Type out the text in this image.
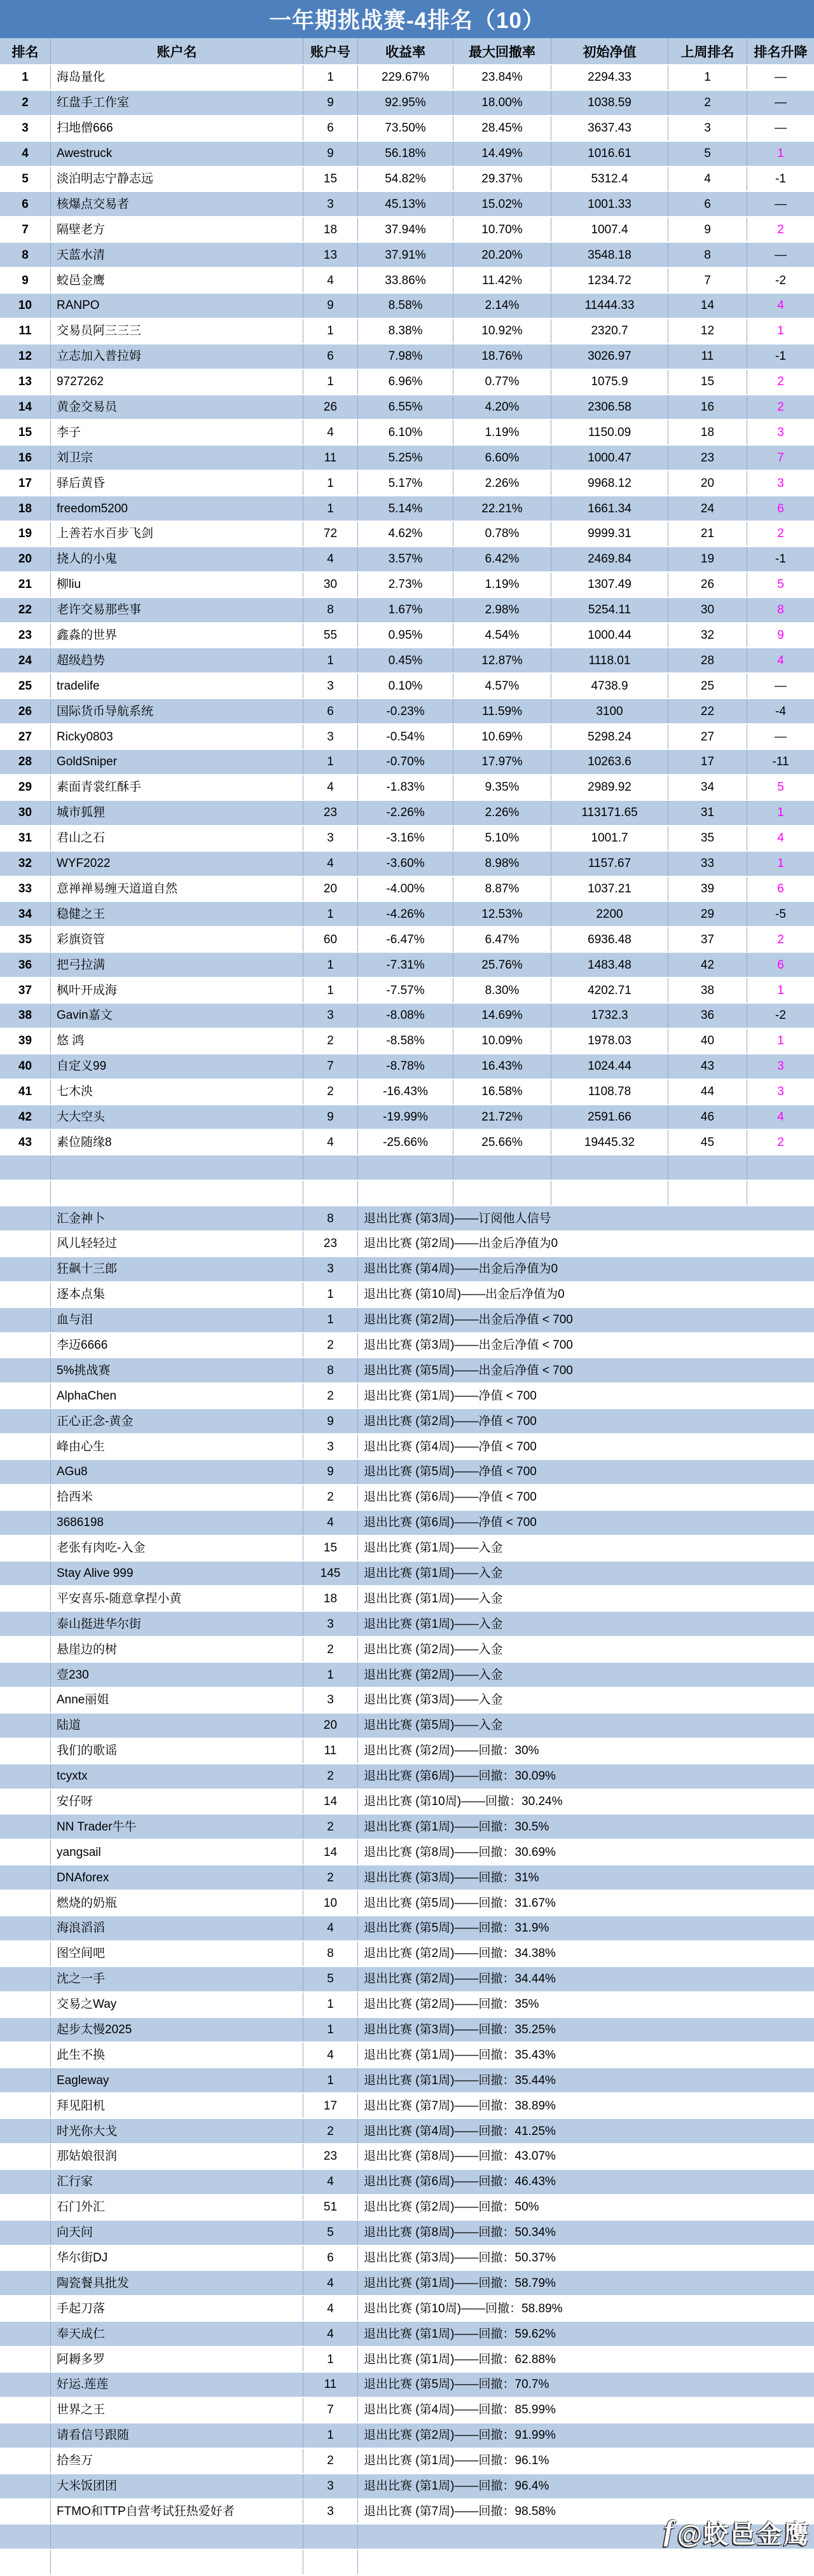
一年期挑战赛-4排名（10）
排名	账户名	账户号	收益率	最大回撤率	初始净值	上周排名	排名升降
1	海岛量化	1	229.67%	23.84%	2294.33	1	—
2	红盘手工作室	9	92.95%	18.00%	1038.59	2	—
3	扫地僧666	6	73.50%	28.45%	3637.43	3	—
4	Awestruck	9	56.18%	14.49%	1016.61	5	1
5	淡泊明志宁静志远	15	54.82%	29.37%	5312.4	4	-1
6	核爆点交易者	3	45.13%	15.02%	1001.33	6	—
7	隔壁老方	18	37.94%	10.70%	1007.4	9	2
8	天蓝水清	13	37.91%	20.20%	3548.18	8	—
9	蛟邑金鹰	4	33.86%	11.42%	1234.72	7	-2
10	RANPO	9	8.58%	2.14%	11444.33	14	4
11	交易员阿三三三	1	8.38%	10.92%	2320.7	12	1
12	立志加入普拉姆	6	7.98%	18.76%	3026.97	11	-1
13	9727262	1	6.96%	0.77%	1075.9	15	2
14	黄金交易员	26	6.55%	4.20%	2306.58	16	2
15	李子	4	6.10%	1.19%	1150.09	18	3
16	刘卫宗	11	5.25%	6.60%	1000.47	23	7
17	驿后黄昏	1	5.17%	2.26%	9968.12	20	3
18	freedom5200	1	5.14%	22.21%	1661.34	24	6
19	上善若水百步飞剑	72	4.62%	0.78%	9999.31	21	2
20	挠人的小鬼	4	3.57%	6.42%	2469.84	19	-1
21	柳liu	30	2.73%	1.19%	1307.49	26	5
22	老许交易那些事	8	1.67%	2.98%	5254.11	30	8
23	鑫淼的世界	55	0.95%	4.54%	1000.44	32	9
24	超级趋势	1	0.45%	12.87%	1118.01	28	4
25	tradelife	3	0.10%	4.57%	4738.9	25	—
26	国际货币导航系统	6	-0.23%	11.59%	3100	22	-4
27	Ricky0803	3	-0.54%	10.69%	5298.24	27	—
28	GoldSniper	1	-0.70%	17.97%	10263.6	17	-11
29	素面青裳红酥手	4	-1.83%	9.35%	2989.92	34	5
30	城市狐狸	23	-2.26%	2.26%	113171.65	31	1
31	君山之石	3	-3.16%	5.10%	1001.7	35	4
32	WYF2022	4	-3.60%	8.98%	1157.67	33	1
33	意禅禅易缠天道道自然	20	-4.00%	8.87%	1037.21	39	6
34	稳健之王	1	-4.26%	12.53%	2200	29	-5
35	彩旗资管	60	-6.47%	6.47%	6936.48	37	2
36	把弓拉满	1	-7.31%	25.76%	1483.48	42	6
37	枫叶开成海	1	-7.57%	8.30%	4202.71	38	1
38	Gavin嘉文	3	-8.08%	14.69%	1732.3	36	-2
39	悠 鸿	2	-8.58%	10.09%	1978.03	40	1
40	自定义99	7	-8.78%	16.43%	1024.44	43	3
41	七木泱	2	-16.43%	16.58%	1108.78	44	3
42	大大空头	9	-19.99%	21.72%	2591.66	46	4
43	素位随缘8	4	-25.66%	25.66%	19445.32	45	2
汇金神卜	8	退出比赛 (第3周)——订阅他人信号
风儿轻轻过	23	退出比赛 (第2周)——出金后净值为0
狂飙十三郎	3	退出比赛 (第4周)——出金后净值为0
逐本点集	1	退出比赛 (第10周)——出金后净值为0
血与泪	1	退出比赛 (第2周)——出金后净值 < 700
李迈6666	2	退出比赛 (第3周)——出金后净值 < 700
5%挑战赛	8	退出比赛 (第5周)——出金后净值 < 700
AlphaChen	2	退出比赛 (第1周)——净值 < 700
正心正念-黄金	9	退出比赛 (第2周)——净值 < 700
峰由心生	3	退出比赛 (第4周)——净值 < 700
AGu8	9	退出比赛 (第5周)——净值 < 700
拾西米	2	退出比赛 (第6周)——净值 < 700
3686198	4	退出比赛 (第6周)——净值 < 700
老张有肉吃-入金	15	退出比赛 (第1周)——入金
Stay Alive 999	145	退出比赛 (第1周)——入金
平安喜乐-随意拿捏小黄	18	退出比赛 (第1周)——入金
泰山挺进华尔街	3	退出比赛 (第1周)——入金
悬崖边的树	2	退出比赛 (第2周)——入金
壹230	1	退出比赛 (第2周)——入金
Anne丽姐	3	退出比赛 (第3周)——入金
陆道	20	退出比赛 (第5周)——入金
我们的歌谣	11	退出比赛 (第2周)——回撤：30%
tcyxtx	2	退出比赛 (第6周)——回撤：30.09%
安仔呀	14	退出比赛 (第10周)——回撤：30.24%
NN Trader牛牛	2	退出比赛 (第1周)——回撤：30.5%
yangsail	14	退出比赛 (第8周)——回撤：30.69%
DNAforex	2	退出比赛 (第3周)——回撤：31%
燃烧的奶瓶	10	退出比赛 (第5周)——回撤：31.67%
海浪滔滔	4	退出比赛 (第5周)——回撤：31.9%
图空间吧	8	退出比赛 (第2周)——回撤：34.38%
沈之一手	5	退出比赛 (第2周)——回撤：34.44%
交易之Way	1	退出比赛 (第2周)——回撤：35%
起步太慢2025	1	退出比赛 (第3周)——回撤：35.25%
此生不换	4	退出比赛 (第1周)——回撤：35.43%
Eagleway	1	退出比赛 (第1周)——回撤：35.44%
拜见阳机	17	退出比赛 (第7周)——回撤：38.89%
时光你大戈	2	退出比赛 (第4周)——回撤：41.25%
那姑娘很润	23	退出比赛 (第8周)——回撤：43.07%
汇行家	4	退出比赛 (第6周)——回撤：46.43%
石门外汇	51	退出比赛 (第2周)——回撤：50%
向天问	5	退出比赛 (第8周)——回撤：50.34%
华尔街DJ	6	退出比赛 (第3周)——回撤：50.37%
陶瓷餐具批发	4	退出比赛 (第1周)——回撤：58.79%
手起刀落	4	退出比赛 (第10周)——回撤：58.89%
奉天成仁	4	退出比赛 (第1周)——回撤：59.62%
阿耨多罗	1	退出比赛 (第1周)——回撤：62.88%
好运.莲莲	11	退出比赛 (第5周)——回撤：70.7%
世界之王	7	退出比赛 (第4周)——回撤：85.99%
请看信号跟随	1	退出比赛 (第2周)——回撤：91.99%
拾叁万	2	退出比赛 (第1周)——回撤：96.1%
大米饭团团	3	退出比赛 (第1周)——回撤：96.4%
FTMO和TTP自营考试狂热爱好者	3	退出比赛 (第7周)——回撤：98.58%
f @蛟邑金鹰
